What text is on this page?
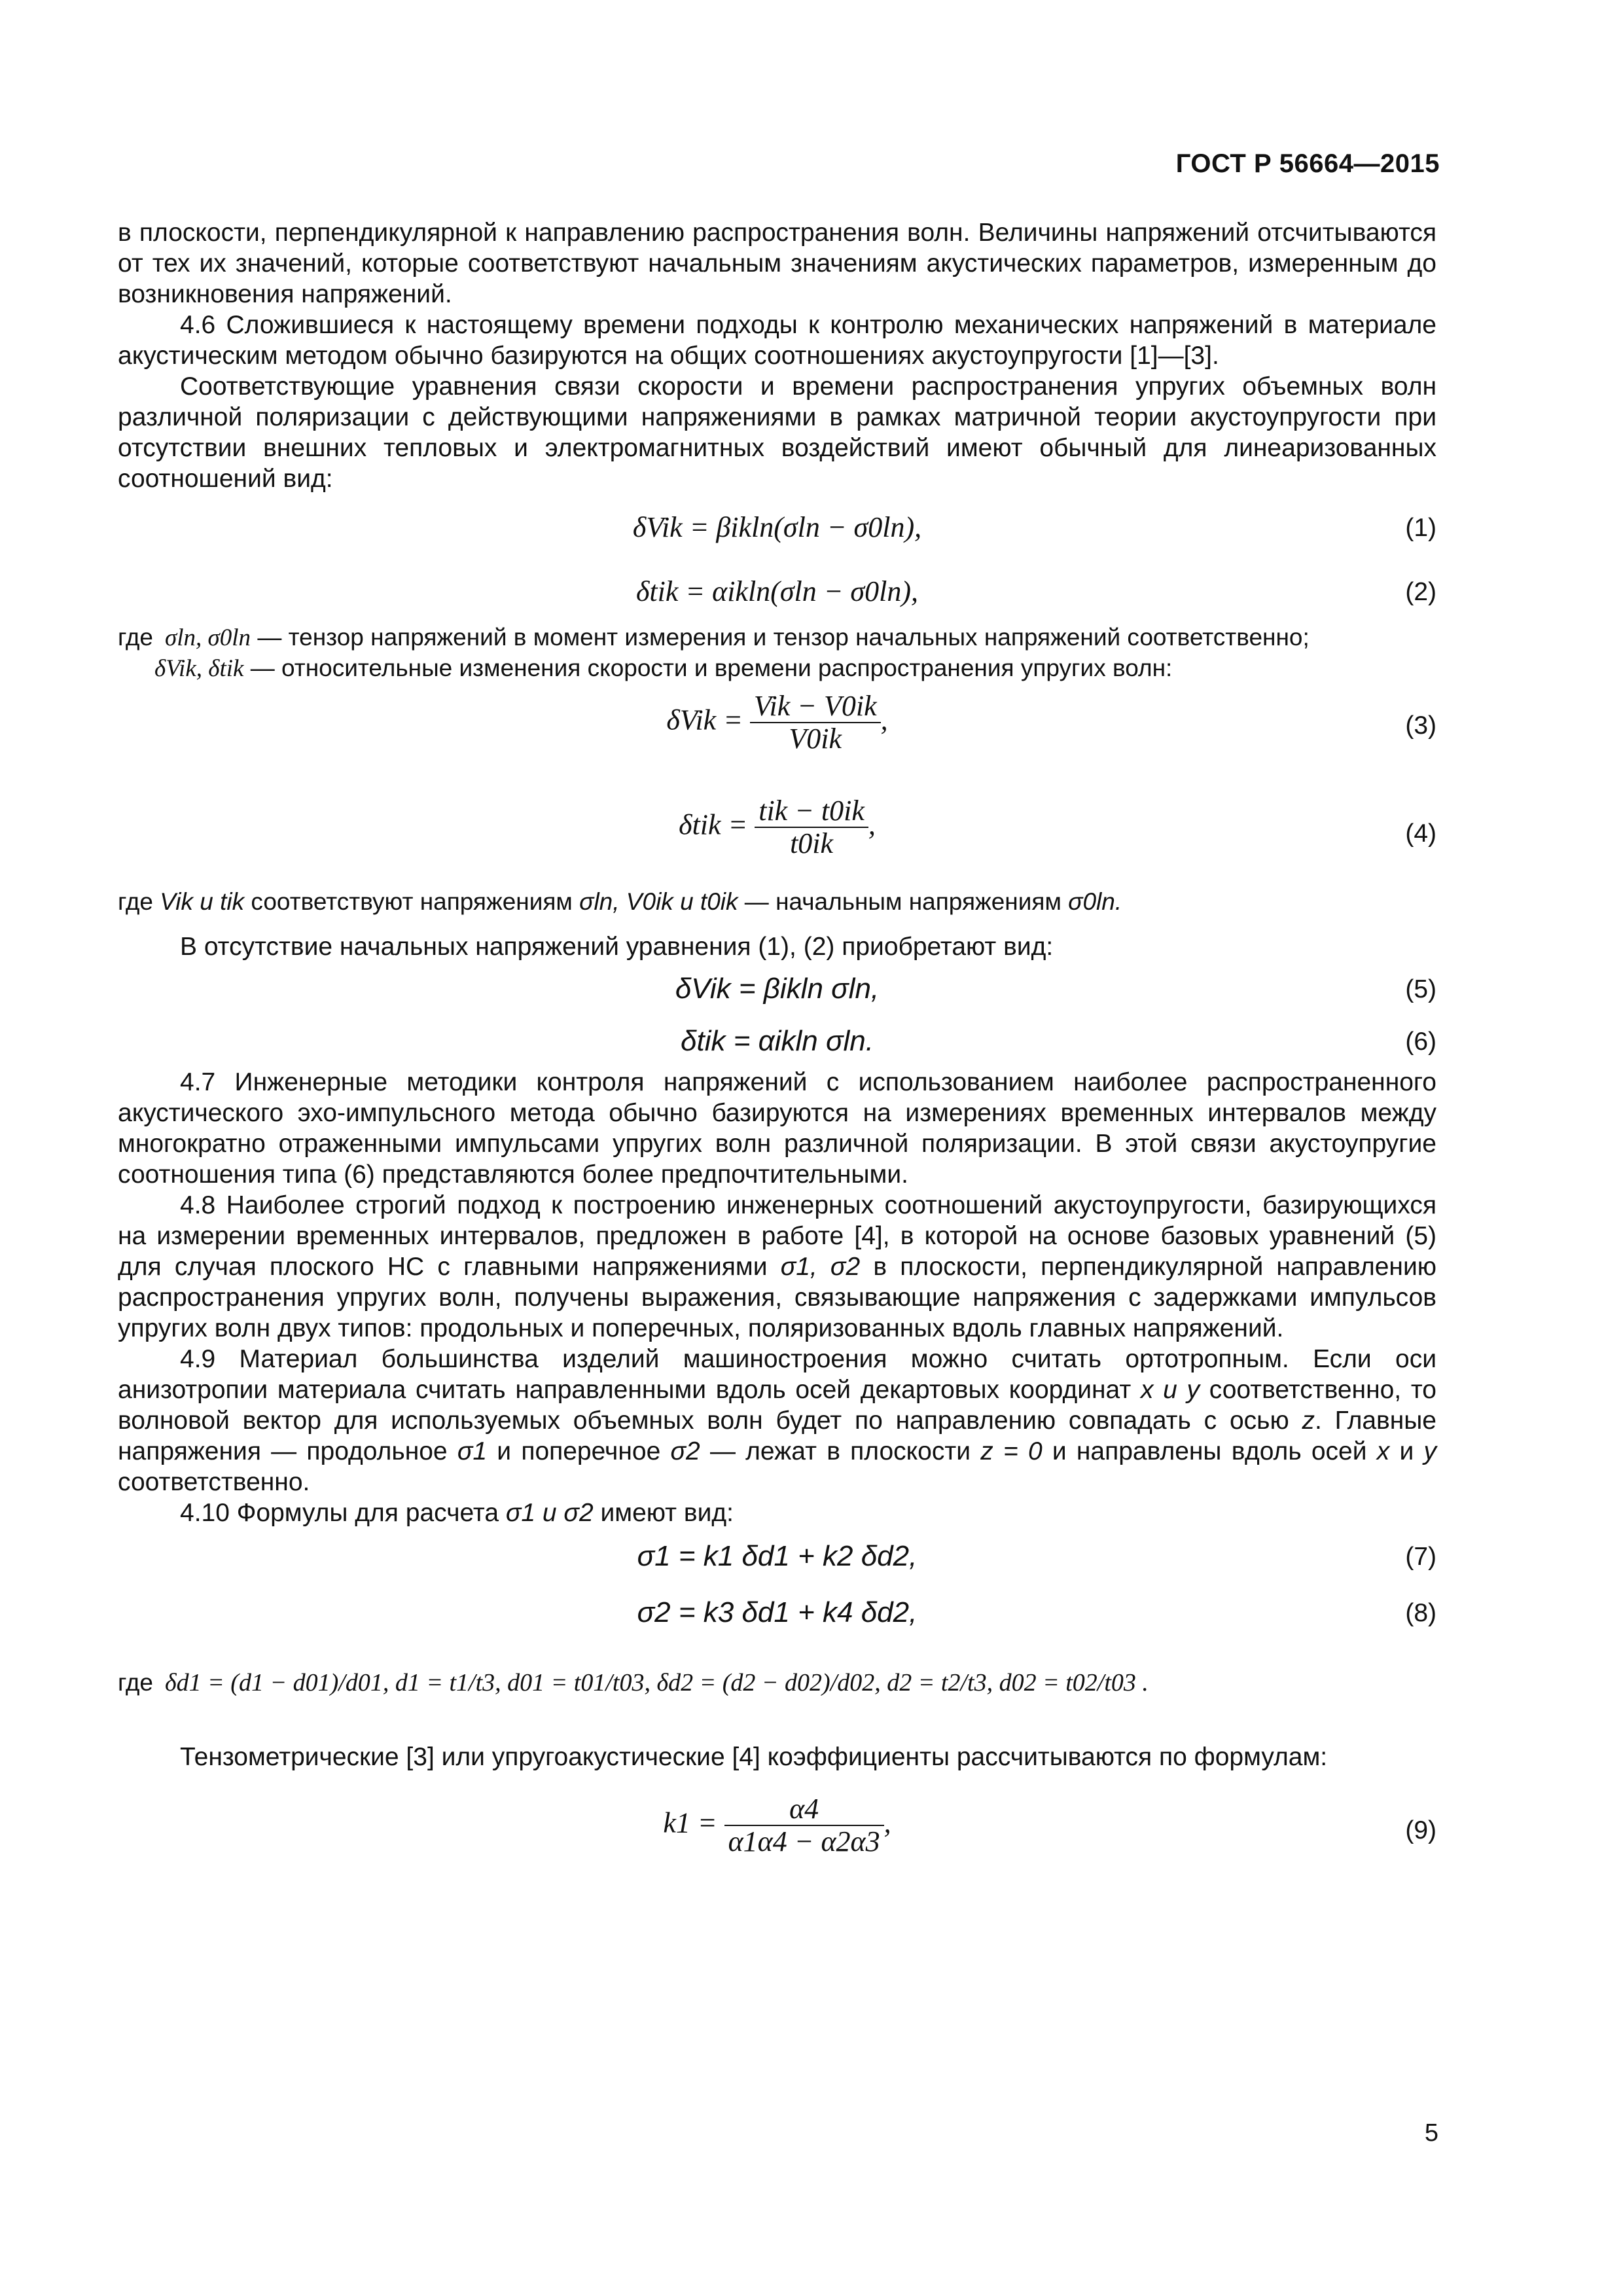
ГОСТ Р 56664—2015

в плоскости, перпендикулярной к направлению распространения волн. Величины напряжений отсчитываются от тех их значений, которые соответствуют начальным значениям акустических параметров, измеренным до возникновения напряжений.

4.6 Сложившиеся к настоящему времени подходы к контролю механических напряжений в материале акустическим методом обычно базируются на общих соотношениях акустоупругости [1]—[3].

Соответствующие уравнения связи скорости и времени распространения упругих объемных волн различной поляризации с действующими напряжениями в рамках матричной теории акустоупругости при отсутствии внешних тепловых и электромагнитных воздействий имеют обычный для линеаризованных соотношений вид:

δVik = βikln(σln − σ0ln),	(1)
δtik = αikln(σln − σ0ln),	(2)
где σln, σ0ln — тензор напряжений в момент измерения и тензор начальных напряжений соответственно;
δVik, δtik — относительные изменения скорости и времени распространения упругих волн:
$\delta Vik = \frac{\text{Vik − V0ik}}{V0ik}$ ,	(3)
$\delta tik = \frac{\text{tik − t0ik}}{t0ik}$ ,	(4)
где Vik и tik соответствуют напряжениям σln, V0ik и t0ik — начальным напряжениям σ0ln.

В отсутствие начальных напряжений уравнения (1), (2) приобретают вид:

δVik = βikln σln,	(5)
δtik = αikln σln.	(6)

4.7 Инженерные методики контроля напряжений с использованием наиболее распространенного акустического эхо-импульсного метода обычно базируются на измерениях временных интервалов между многократно отраженными импульсами упругих волн различной поляризации. В этой связи акустоупругие соотношения типа (6) представляются более предпочтительными.

4.8 Наиболее строгий подход к построению инженерных соотношений акустоупругости, базирующихся на измерении временных интервалов, предложен в работе [4], в которой на основе базовых уравнений (5) для случая плоского НС с главными напряжениями σ1, σ2 в плоскости, перпендикулярной направлению распространения упругих волн, получены выражения, связывающие напряжения с задержками импульсов упругих волн двух типов: продольных и поперечных, поляризованных вдоль главных напряжений.

4.9 Материал большинства изделий машиностроения можно считать ортотропным. Если оси анизотропии материала считать направленными вдоль осей декартовых координат x и y соответственно, то волновой вектор для используемых объемных волн будет по направлению совпадать с осью z. Главные напряжения — продольное σ1 и поперечное σ2 — лежат в плоскости z = 0 и направлены вдоль осей x и y соответственно.

4.10 Формулы для расчета σ1 и σ2 имеют вид:

σ1 = k1 δd1 + k2 δd2,	(7)
σ2 = k3 δd1 + k4 δd2,	(8)
где δd1 = (d1 − d01)/d01, d1 = t1/t3, d01 = t01/t03, δd2 = (d2 − d02)/d02, d2 = t2/t3, d02 = t02/t03 .

Тензометрические [3] или упругоакустические [4] коэффициенты рассчитываются по формулам:

$k1 = \frac{\alpha 4}{\alpha 1\alpha 4 - \alpha 2\alpha 3}$ ,	(9)
5
